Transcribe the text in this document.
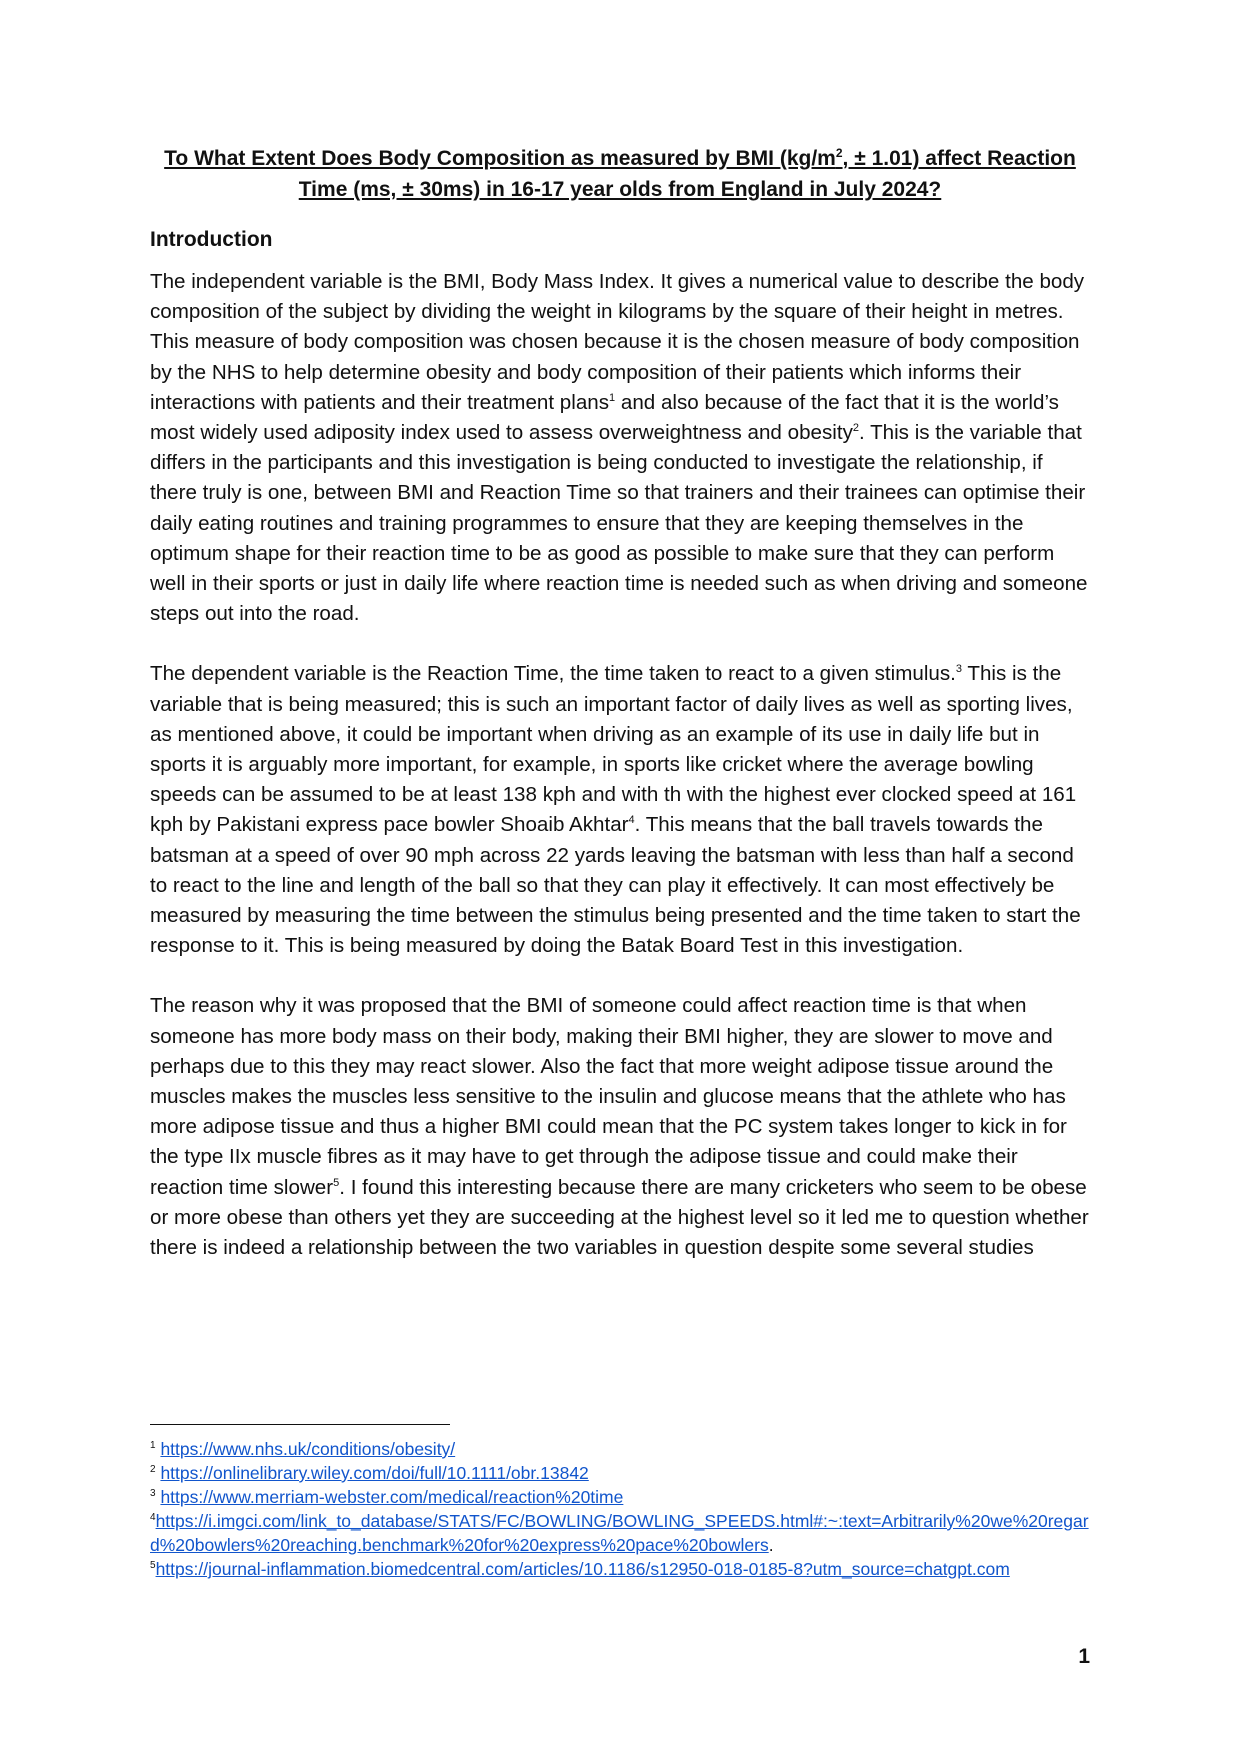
To What Extent Does Body Composition as measured by BMI ($kg/m^2$, ± 1.01) affect Reaction Time (ms, ± 30ms) in 16-17 year olds from England in July 2024?

Introduction

The independent variable is the BMI, Body Mass Index. It gives a numerical value to describe the body composition of the subject by dividing the weight in kilograms by the square of their height in metres. This measure of body composition was chosen because it is the chosen measure of body composition by the NHS to help determine obesity and body composition of their patients which informs their interactions with patients and their treatment plans$^1$ and also because of the fact that it is the world’s most widely used adiposity index used to assess overweightness and obesity$^2$. This is the variable that differs in the participants and this investigation is being conducted to investigate the relationship, if there truly is one, between BMI and Reaction Time so that trainers and their trainees can optimise their daily eating routines and training programmes to ensure that they are keeping themselves in the optimum shape for their reaction time to be as good as possible to make sure that they can perform well in their sports or just in daily life where reaction time is needed such as when driving and someone steps out into the road.

The dependent variable is the Reaction Time, the time taken to react to a given stimulus.$^3$ This is the variable that is being measured; this is such an important factor of daily lives as well as sporting lives, as mentioned above, it could be important when driving as an example of its use in daily life but in sports it is arguably more important, for example, in sports like cricket where the average bowling speeds can be assumed to be at least 138 kph and with th with the highest ever clocked speed at 161 kph by Pakistani express pace bowler Shoaib Akhtar$^4$. This means that the ball travels towards the batsman at a speed of over 90 mph across 22 yards leaving the batsman with less than half a second to react to the line and length of the ball so that they can play it effectively. It can most effectively be measured by measuring the time between the stimulus being presented and the time taken to start the response to it. This is being measured by doing the Batak Board Test in this investigation.

The reason why it was proposed that the BMI of someone could affect reaction time is that when someone has more body mass on their body, making their BMI higher, they are slower to move and perhaps due to this they may react slower. Also the fact that more weight adipose tissue around the muscles makes the muscles less sensitive to the insulin and glucose means that the athlete who has more adipose tissue and thus a higher BMI could mean that the PC system takes longer to kick in for the type IIx muscle fibres as it may have to get through the adipose tissue and could make their reaction time slower$^5$. I found this interesting because there are many cricketers who seem to be obese or more obese than others yet they are succeeding at the highest level so it led me to question whether there is indeed a relationship between the two variables in question despite some several studies

$^1$ https://www.nhs.uk/conditions/obesity/
$^2$ https://onlinelibrary.wiley.com/doi/full/10.1111/obr.13842
$^3$ https://www.merriam-webster.com/medical/reaction%20time
$^4$https://i.imgci.com/link_to_database/STATS/FC/BOWLING/BOWLING_SPEEDS.html#:~:text=Arbitrarily%20we%20regard%20bowlers%20reaching.benchmark%20for%20express%20pace%20bowlers.
$^5$https://journal-inflammation.biomedcentral.com/articles/10.1186/s12950-018-0185-8?utm_source=chatgpt.com
1
